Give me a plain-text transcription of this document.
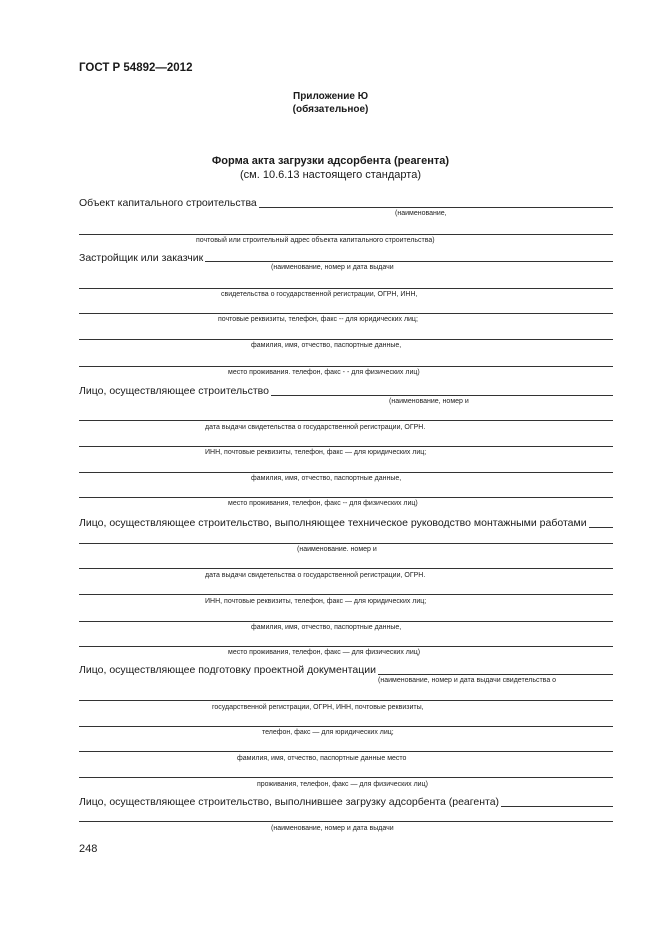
ГОСТ Р 54892—2012
Приложение Ю
(обязательное)
Форма акта загрузки адсорбента (реагента)
(см. 10.6.13 настоящего стандарта)
Объект капитального строительства
(наименование,
почтовый или строительный адрес объекта капитального строительства)
Застройщик или заказчик
(наименование, номер и дата выдачи
свидетельства о государственной регистрации, ОГРН, ИНН,
почтовые реквизиты, телефон, факс -- для юридических лиц;
фамилия, имя, отчество, паспортные данные,
место проживания. телефон, факс - - для физических лиц)
Лицо, осуществляющее строительство
(наименование, номер и
дата выдачи свидетельства о государственной регистрации, ОГРН.
ИНН, почтовые реквизиты, телефон, факс — для юридических лиц;
фамилия, имя, отчество, паспортные данные,
место проживания, телефон, факс -- для физических лиц)
Лицо, осуществляющее строительство, выполняющее техническое руководство монтажными работами
(наименование. номер и
дата выдачи свидетельства о государственной регистрации, ОГРН.
ИНН, почтовые реквизиты, телефон, факс — для юридических лиц;
фамилия, имя, отчество, паспортные данные,
место проживания, телефон, факс — для физических лиц)
Лицо, осуществляющее подготовку проектной документации
(наименование, номер и дата выдачи свидетельства о
государственной регистрации, ОГРН, ИНН, почтовые реквизиты,
телефон, факс — для юридических лиц;
фамилия, имя, отчество, паспортные данные место
проживания, телефон, факс — для физических лиц)
Лицо, осуществляющее строительство, выполнившее загрузку адсорбента (реагента)
(наименование, номер и дата выдачи
248
